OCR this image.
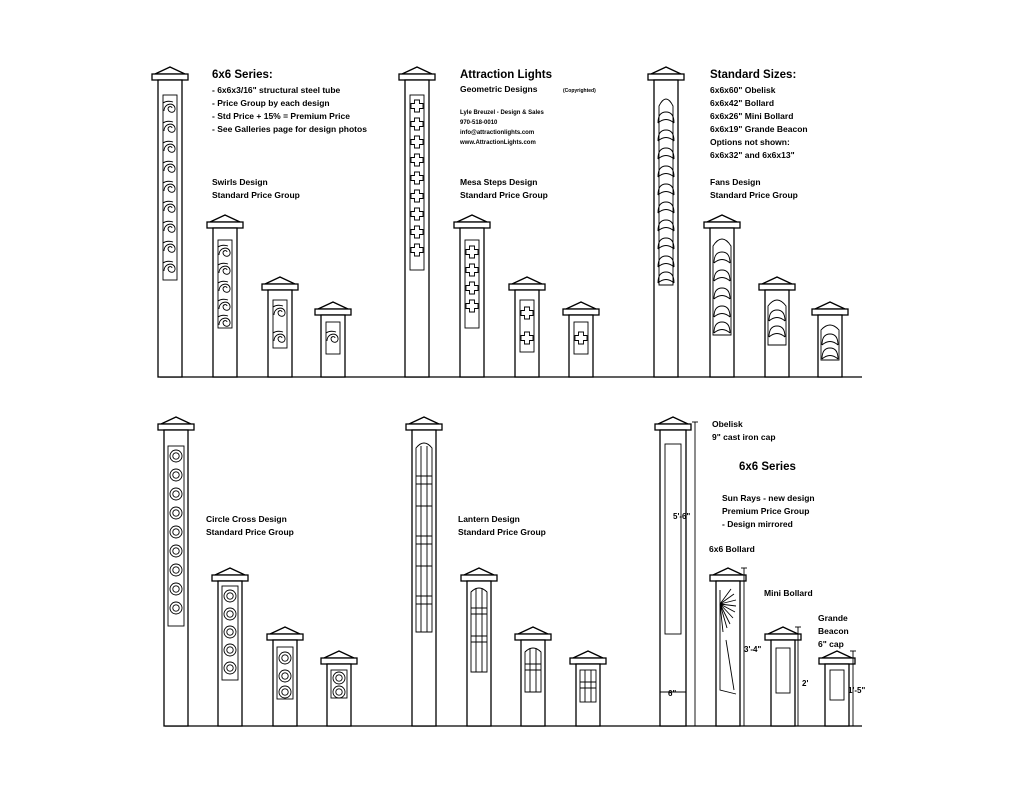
6x6 Series:
- 6x6x3/16" structural steel tube
- Price Group by each design
- Std Price + 15% = Premium Price
- See Galleries page for design photos
Swirls Design
Standard Price Group
Attraction Lights
Geometric Designs	(Copyrighted)
Lyle Breuzel - Design & Sales
970-518-0010
info@attractionlights.com
www.AttractionLights.com
Mesa Steps Design
Standard Price Group
Standard Sizes:
6x6x60" Obelisk
6x6x42" Bollard
6x6x26" Mini Bollard
6x6x19" Grande Beacon
Options not shown:
6x6x32" and 6x6x13"
Fans Design
Standard Price Group
5'-6"
3'-4"
2'
1'-5"
6"
Circle Cross Design
Standard Price Group
Lantern Design
Standard Price Group
Obelisk
9" cast iron cap
6x6 Series
Sun Rays - new design
Premium Price Group
- Design mirrored
6x6 Bollard
Mini Bollard
Grande
Beacon
6" cap
